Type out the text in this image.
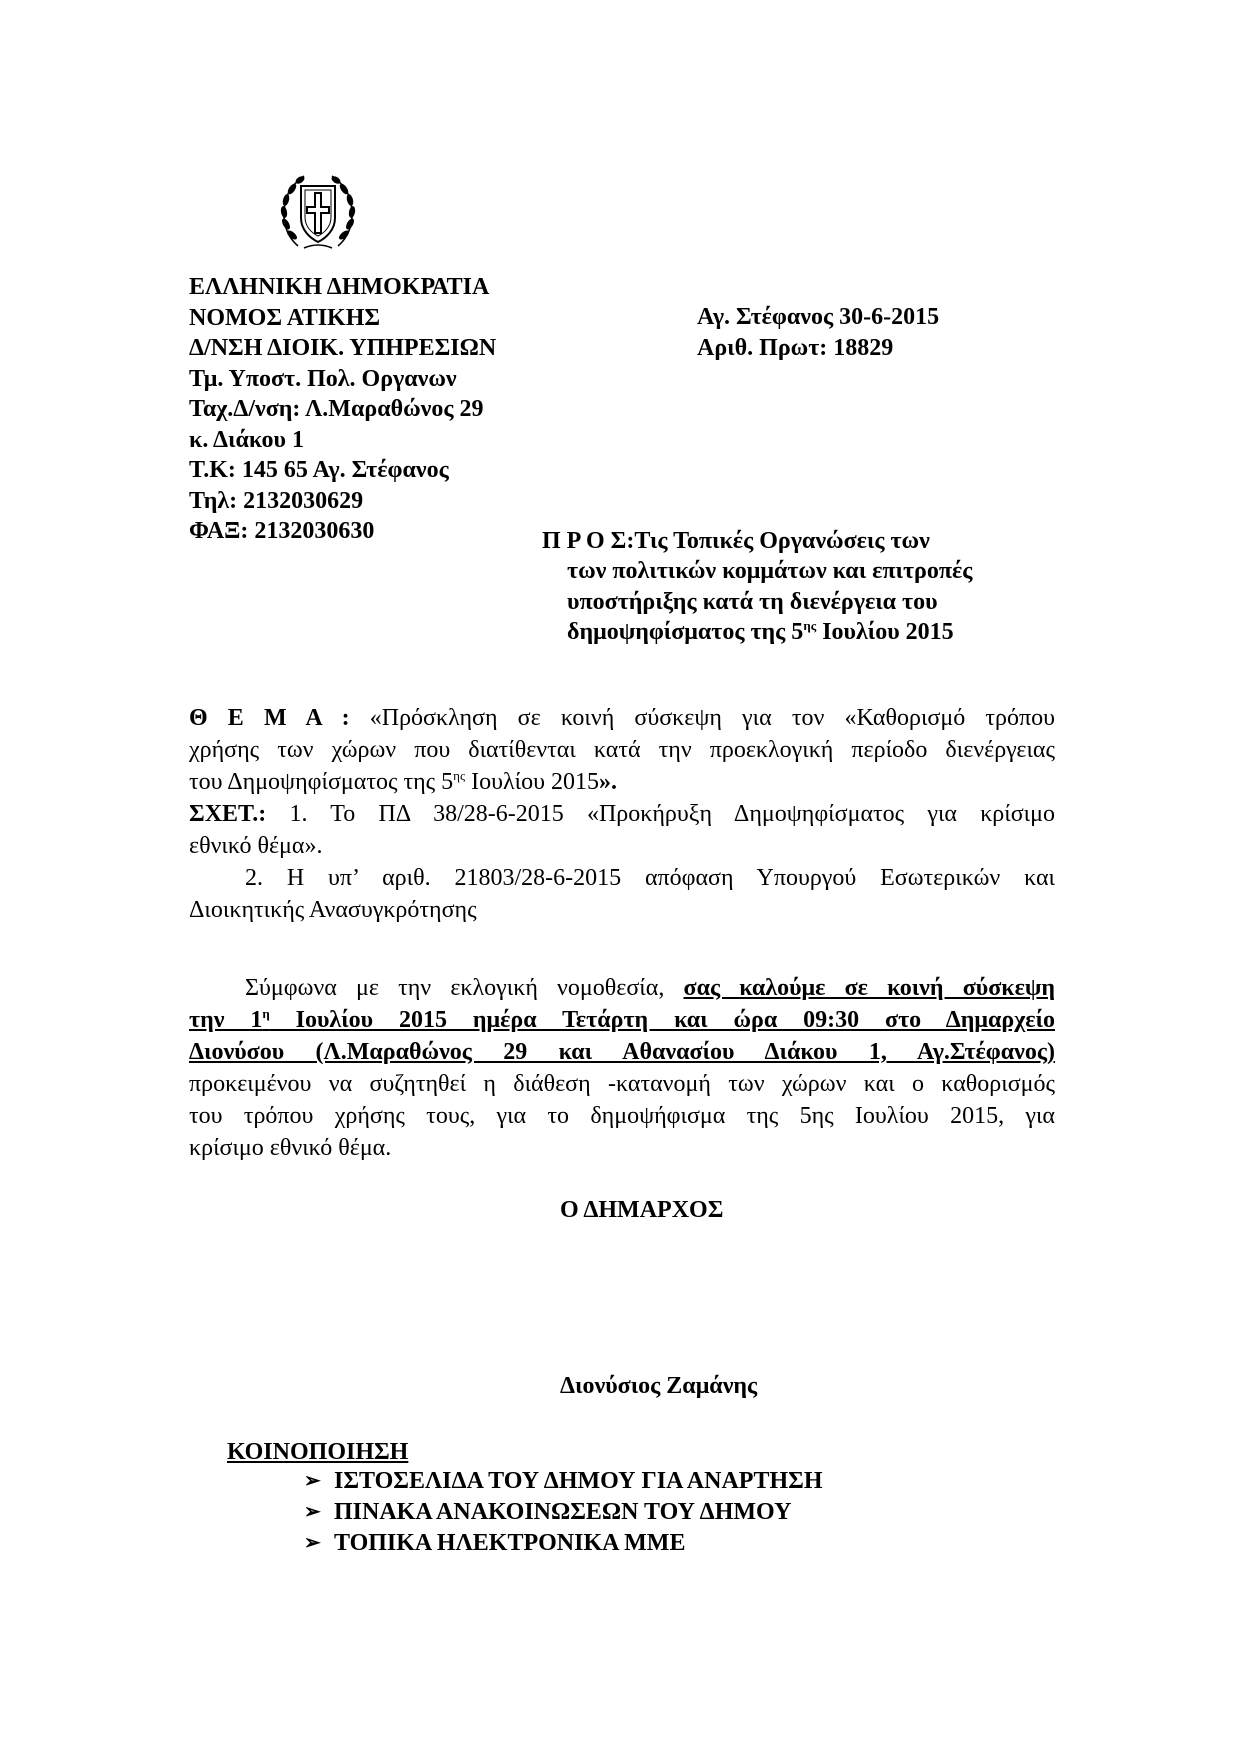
ΕΛΛΗΝΙΚΗ ΔΗΜΟΚΡΑΤΙΑ
ΝΟΜΟΣ ΑΤΙΚΗΣ
Δ/ΝΣΗ ΔΙΟΙΚ. ΥΠΗΡΕΣΙΩΝ
Τμ. Υποστ. Πολ. Οργανων
Ταχ.Δ/νση: Λ.Μαραθώνος 29
κ. Διάκου 1
Τ.Κ: 145 65 Αγ. Στέφανος
Τηλ: 2132030629
ΦΑΞ: 2132030630
Αγ. Στέφανος 30-6-2015
Αριθ. Πρωτ: 18829
Π Ρ Ο Σ:Τις Τοπικές Οργανώσεις των
των πολιτικών κομμάτων και επιτροπές
υποστήριξης κατά τη διενέργεια του
δημοψηφίσματος της $5^{\eta\varsigma}$ Ιουλίου 2015
Θ Ε Μ Α : «Πρόσκληση σε κοινή σύσκεψη για τον «Καθορισμό τρόπου
χρήσης των χώρων που διατίθενται κατά την προεκλογική περίοδο διενέργειας
του Δημοψηφίσματος της $5^{\eta\varsigma}$ Ιουλίου 2015».
ΣΧΕΤ.: 1. Το ΠΔ 38/28-6-2015 «Προκήρυξη Δημοψηφίσματος για κρίσιμο
εθνικό θέμα».
2. Η υπ’ αριθ. 21803/28-6-2015 απόφαση Υπουργού Εσωτερικών και
Διοικητικής Ανασυγκρότησης
Σύμφωνα με την εκλογική νομοθεσία, σας καλούμε σε κοινή σύσκεψη
την $1^\eta$ Ιουλίου 2015 ημέρα Τετάρτη και ώρα 09:30 στο Δημαρχείο
Διονύσου (Λ.Μαραθώνος 29 και Αθανασίου Διάκου 1, Αγ.Στέφανος)
προκειμένου να συζητηθεί η διάθεση -κατανομή των χώρων και ο καθορισμός
του τρόπου χρήσης τους, για το δημοψήφισμα της 5ης Ιουλίου 2015, για
κρίσιμο εθνικό θέμα.
Ο ΔΗΜΑΡΧΟΣ
Διονύσιος Ζαμάνης
ΚΟΙΝΟΠΟΙΗΣΗ
➢ ΙΣΤΟΣΕΛΙΔΑ ΤΟΥ ΔΗΜΟΥ ΓΙΑ ΑΝΑΡΤΗΣΗ
➢ ΠΙΝΑΚΑ ΑΝΑΚΟΙΝΩΣΕΩΝ ΤΟΥ ΔΗΜΟΥ
➢ ΤΟΠΙΚΑ ΗΛΕΚΤΡΟΝΙΚΑ ΜΜΕ
